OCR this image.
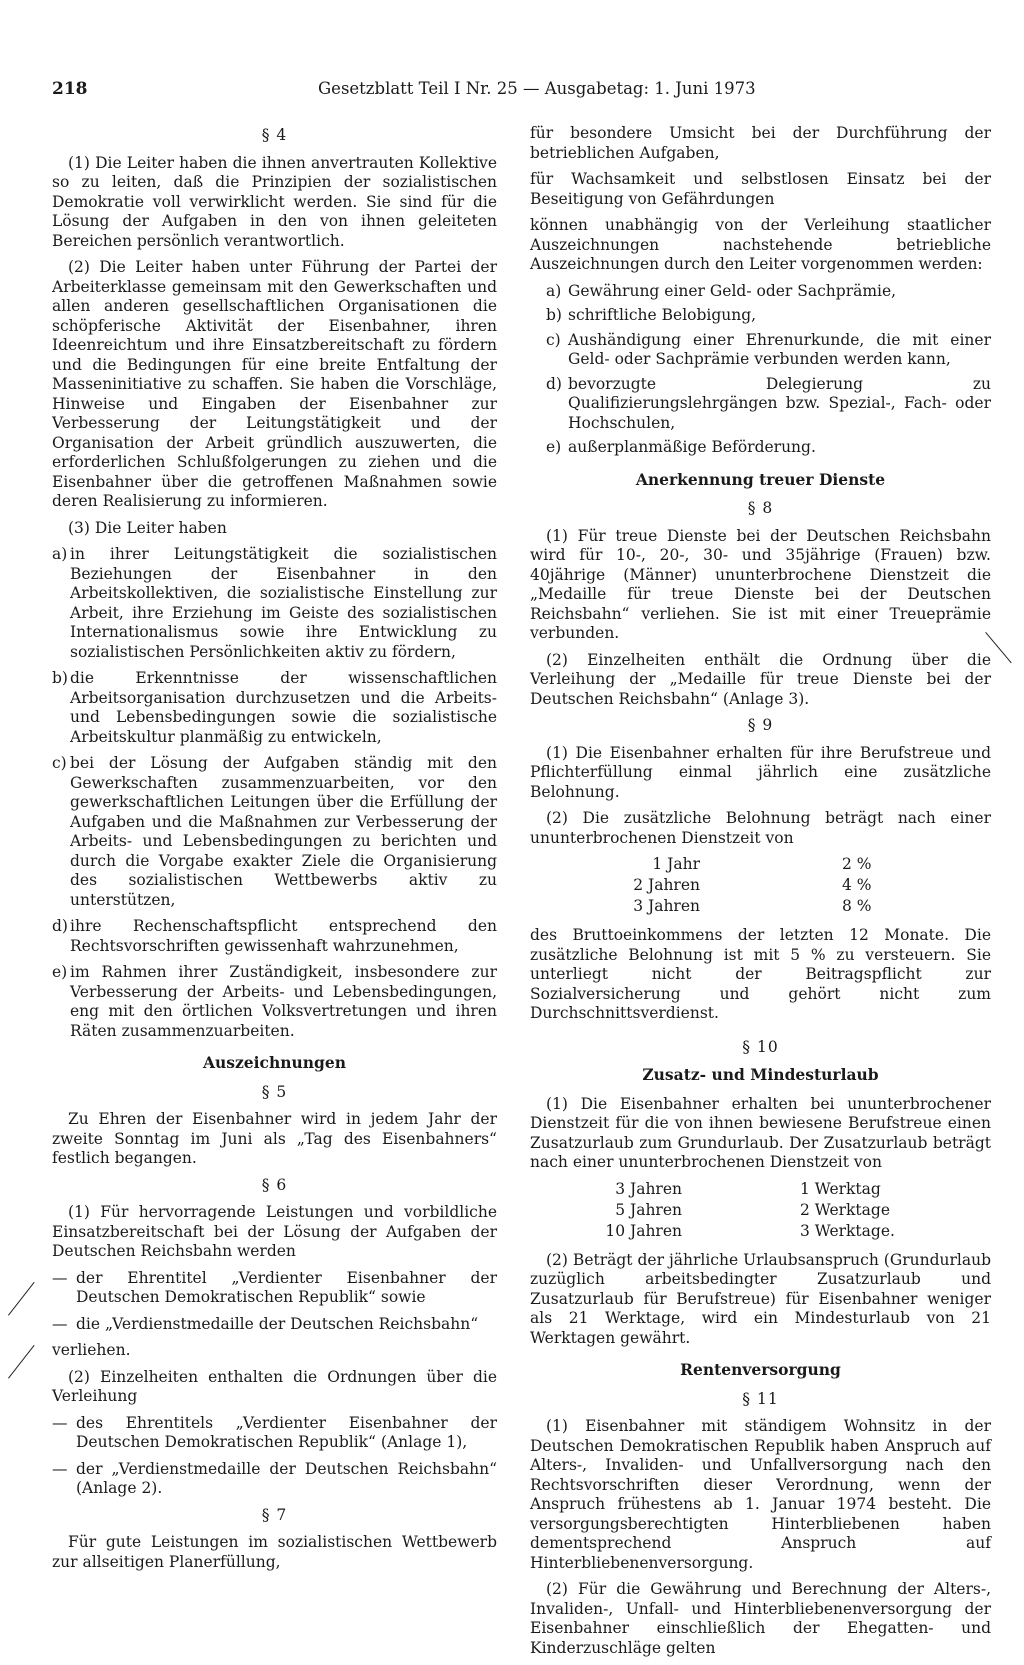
218	Gesetzblatt Teil I Nr. 25 — Ausgabetag: 1. Juni 1973
§ 4

(1) Die Leiter haben die ihnen anvertrauten Kollektive so zu leiten, daß die Prinzipien der sozialistischen Demokratie voll verwirklicht werden. Sie sind für die Lösung der Aufgaben in den von ihnen geleiteten Bereichen persönlich verantwortlich.

(2) Die Leiter haben unter Führung der Partei der Arbeiterklasse gemeinsam mit den Gewerkschaften und allen anderen gesellschaftlichen Organisationen die schöpferische Aktivität der Eisenbahner, ihren Ideenreichtum und ihre Einsatzbereitschaft zu fördern und die Bedingungen für eine breite Entfaltung der Masseninitiative zu schaffen. Sie haben die Vorschläge, Hinweise und Eingaben der Eisenbahner zur Verbesserung der Leitungstätigkeit und der Organisation der Arbeit gründlich auszuwerten, die erforderlichen Schlußfolgerungen zu ziehen und die Eisenbahner über die getroffenen Maßnahmen sowie deren Realisierung zu informieren.

(3) Die Leiter haben

a) in ihrer Leitungstätigkeit die sozialistischen Beziehungen der Eisenbahner in den Arbeitskollektiven, die sozialistische Einstellung zur Arbeit, ihre Erziehung im Geiste des sozialistischen Internationalismus sowie ihre Entwicklung zu sozialistischen Persönlichkeiten aktiv zu fördern,
b) die Erkenntnisse der wissenschaftlichen Arbeitsorganisation durchzusetzen und die Arbeits- und Lebensbedingungen sowie die sozialistische Arbeitskultur planmäßig zu entwickeln,
c) bei der Lösung der Aufgaben ständig mit den Gewerkschaften zusammenzuarbeiten, vor den gewerkschaftlichen Leitungen über die Erfüllung der Aufgaben und die Maßnahmen zur Verbesserung der Arbeits- und Lebensbedingungen zu berichten und durch die Vorgabe exakter Ziele die Organisierung des sozialistischen Wettbewerbs aktiv zu unterstützen,
d) ihre Rechenschaftspflicht entsprechend den Rechtsvorschriften gewissenhaft wahrzunehmen,
e) im Rahmen ihrer Zuständigkeit, insbesondere zur Verbesserung der Arbeits- und Lebensbedingungen, eng mit den örtlichen Volksvertretungen und ihren Räten zusammenzuarbeiten.
Auszeichnungen
§ 5

Zu Ehren der Eisenbahner wird in jedem Jahr der zweite Sonntag im Juni als „Tag des Eisenbahners“ festlich begangen.

§ 6

(1) Für hervorragende Leistungen und vorbildliche Einsatzbereitschaft bei der Lösung der Aufgaben der Deutschen Reichsbahn werden

— der Ehrentitel „Verdienter Eisenbahner der Deutschen Demokratischen Republik“ sowie
— die „Verdienstmedaille der Deutschen Reichsbahn“

verliehen.

(2) Einzelheiten enthalten die Ordnungen über die Verleihung

— des Ehrentitels „Verdienter Eisenbahner der Deutschen Demokratischen Republik“ (Anlage 1),
— der „Verdienstmedaille der Deutschen Reichsbahn“ (Anlage 2).
§ 7

Für gute Leistungen im sozialistischen Wettbewerb zur allseitigen Planerfüllung,

für besondere Umsicht bei der Durchführung der betrieblichen Aufgaben,

für Wachsamkeit und selbstlosen Einsatz bei der Beseitigung von Gefährdungen

können unabhängig von der Verleihung staatlicher Auszeichnungen nachstehende betriebliche Auszeichnungen durch den Leiter vorgenommen werden:

a) Gewährung einer Geld- oder Sachprämie,
b) schriftliche Belobigung,
c) Aushändigung einer Ehrenurkunde, die mit einer Geld- oder Sachprämie verbunden werden kann,
d) bevorzugte Delegierung zu Qualifizierungslehrgängen bzw. Spezial-, Fach- oder Hochschulen,
e) außerplanmäßige Beförderung.
Anerkennung treuer Dienste
§ 8

(1) Für treue Dienste bei der Deutschen Reichsbahn wird für 10-, 20-, 30- und 35jährige (Frauen) bzw. 40jährige (Männer) ununterbrochene Dienstzeit die „Medaille für treue Dienste bei der Deutschen Reichsbahn“ verliehen. Sie ist mit einer Treueprämie verbunden.

(2) Einzelheiten enthält die Ordnung über die Verleihung der „Medaille für treue Dienste bei der Deutschen Reichsbahn“ (Anlage 3).

§ 9

(1) Die Eisenbahner erhalten für ihre Berufstreue und Pflichterfüllung einmal jährlich eine zusätzliche Belohnung.

(2) Die zusätzliche Belohnung beträgt nach einer ununterbrochenen Dienstzeit von

1 Jahr	2 %
2 Jahren	4 %
3 Jahren	8 %

des Bruttoeinkommens der letzten 12 Monate. Die zusätzliche Belohnung ist mit 5 % zu versteuern. Sie unterliegt nicht der Beitragspflicht zur Sozialversicherung und gehört nicht zum Durchschnittsverdienst.

§ 10
Zusatz- und Mindesturlaub

(1) Die Eisenbahner erhalten bei ununterbrochener Dienstzeit für die von ihnen bewiesene Berufstreue einen Zusatzurlaub zum Grundurlaub. Der Zusatzurlaub beträgt nach einer ununterbrochenen Dienstzeit von

3 Jahren	1 Werktag
5 Jahren	2 Werktage
10 Jahren	3 Werktage.

(2) Beträgt der jährliche Urlaubsanspruch (Grundurlaub zuzüglich arbeitsbedingter Zusatzurlaub und Zusatzurlaub für Berufstreue) für Eisenbahner weniger als 21 Werktage, wird ein Mindesturlaub von 21 Werktagen gewährt.

Rentenversorgung
§ 11

(1) Eisenbahner mit ständigem Wohnsitz in der Deutschen Demokratischen Republik haben Anspruch auf Alters-, Invaliden- und Unfallversorgung nach den Rechtsvorschriften dieser Verordnung, wenn der Anspruch frühestens ab 1. Januar 1974 besteht. Die versorgungsberechtigten Hinterbliebenen haben dementsprechend Anspruch auf Hinterbliebenenversorgung.

(2) Für die Gewährung und Berechnung der Alters-, Invaliden-, Unfall- und Hinterbliebenenversorgung der Eisenbahner einschließlich der Ehegatten- und Kinderzuschläge gelten
